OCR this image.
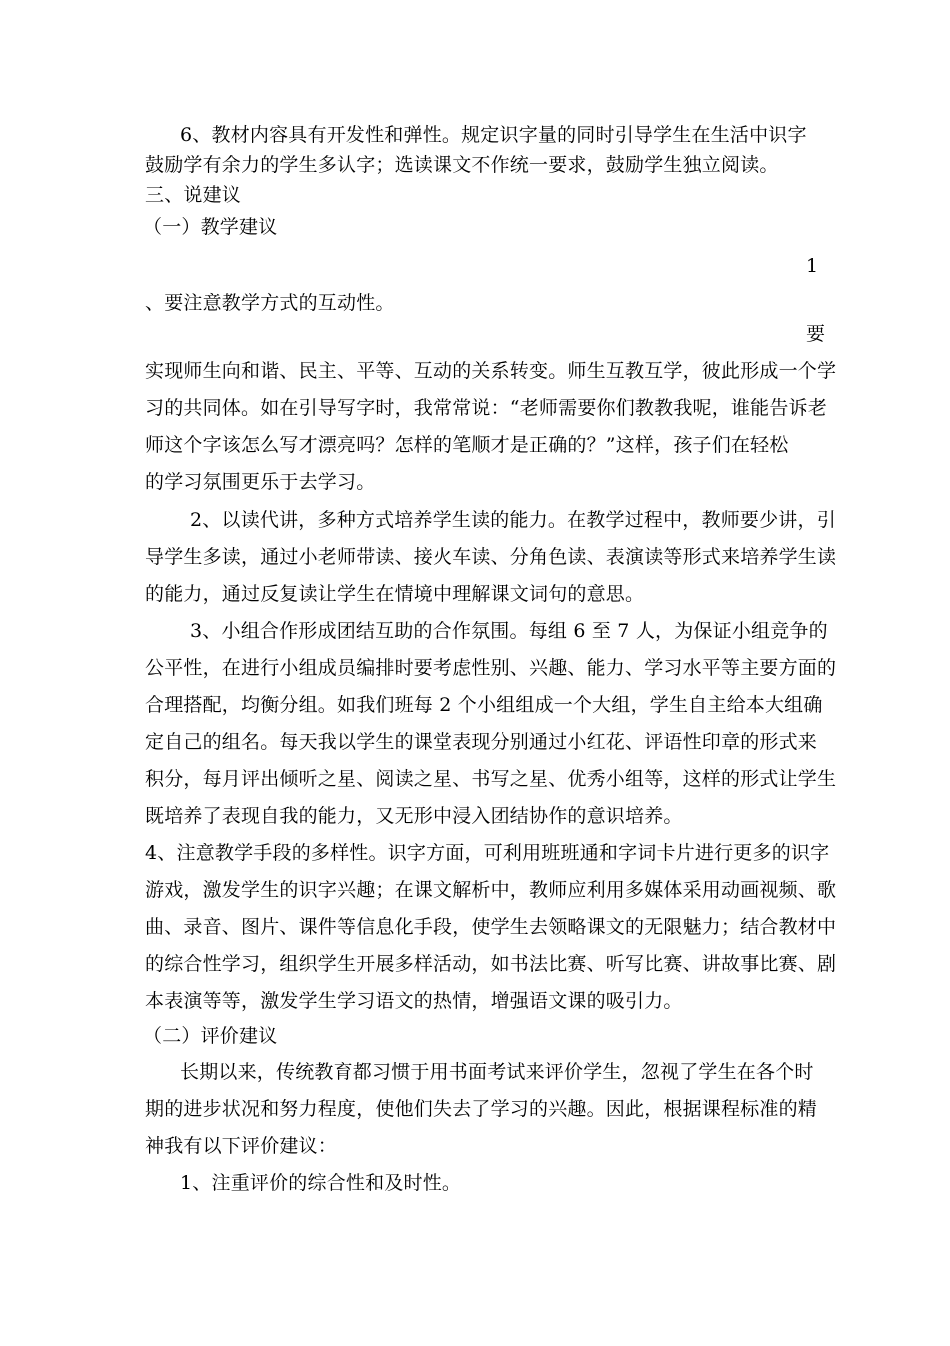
6、教材内容具有开发性和弹性。规定识字量的同时引导学生在生活中识字
鼓励学有余力的学生多认字；选读课文不作统一要求，鼓励学生独立阅读。
三、说建议
（一）教学建议
1
、要注意教学方式的互动性。
要
实现师生向和谐、民主、平等、互动的关系转变。师生互教互学，彼此形成一个学
习的共同体。如在引导写字时，我常常说：“老师需要你们教教我呢，谁能告诉老
师这个字该怎么写才漂亮吗？怎样的笔顺才是正确的？”这样，孩子们在轻松
的学习氛围更乐于去学习。
2、以读代讲，多种方式培养学生读的能力。在教学过程中，教师要少讲，引
导学生多读，通过小老师带读、接火车读、分角色读、表演读等形式来培养学生读
的能力，通过反复读让学生在情境中理解课文词句的意思。
3、小组合作形成团结互助的合作氛围。每组 6 至 7 人，为保证小组竞争的
公平性，在进行小组成员编排时要考虑性别、兴趣、能力、学习水平等主要方面的
合理搭配，均衡分组。如我们班每 2 个小组组成一个大组，学生自主给本大组确
定自己的组名。每天我以学生的课堂表现分别通过小红花、评语性印章的形式来
积分，每月评出倾听之星、阅读之星、书写之星、优秀小组等，这样的形式让学生
既培养了表现自我的能力，又无形中浸入团结协作的意识培养。
4、注意教学手段的多样性。识字方面，可利用班班通和字词卡片进行更多的识字
游戏，激发学生的识字兴趣；在课文解析中，教师应利用多媒体采用动画视频、歌
曲、录音、图片、课件等信息化手段，使学生去领略课文的无限魅力；结合教材中
的综合性学习，组织学生开展多样活动，如书法比赛、听写比赛、讲故事比赛、剧
本表演等等，激发学生学习语文的热情，增强语文课的吸引力。
（二）评价建议
长期以来，传统教育都习惯于用书面考试来评价学生，忽视了学生在各个时
期的进步状况和努力程度，使他们失去了学习的兴趣。因此，根据课程标准的精
神我有以下评价建议：
1、注重评价的综合性和及时性。
